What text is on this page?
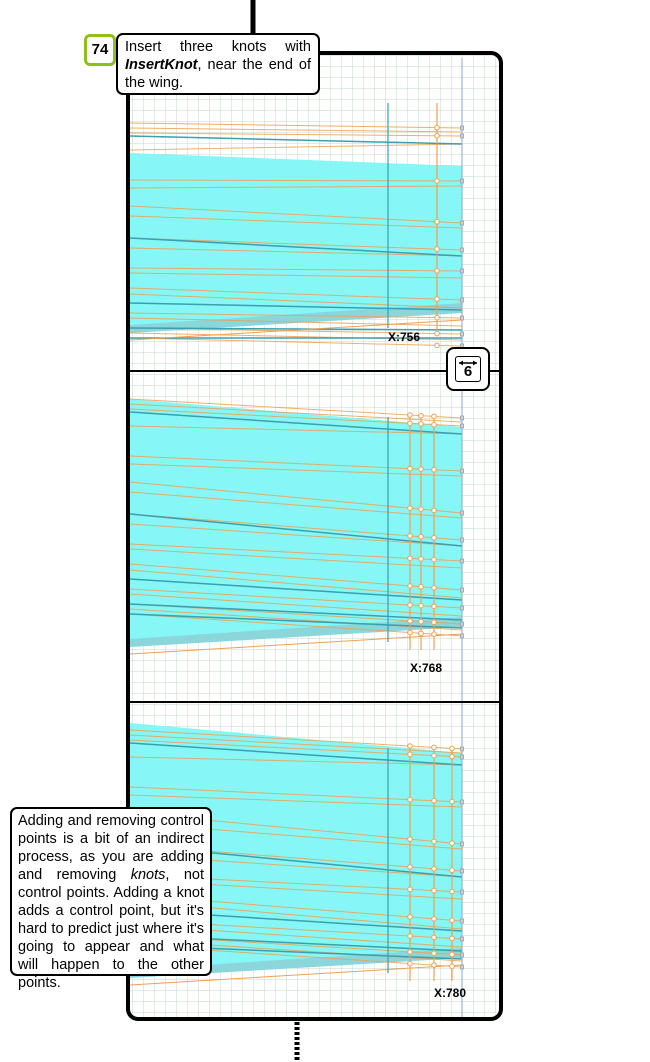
74	Insert three knots with InsertKnot, near the end of the wing.
6
X:756
X:768
X:780
Adding and removing control points is a bit of an indirect process, as you are adding and removing knots, not control points. Adding a knot adds a control point, but it's hard to predict just where it's going to appear and what will happen to the other points.
